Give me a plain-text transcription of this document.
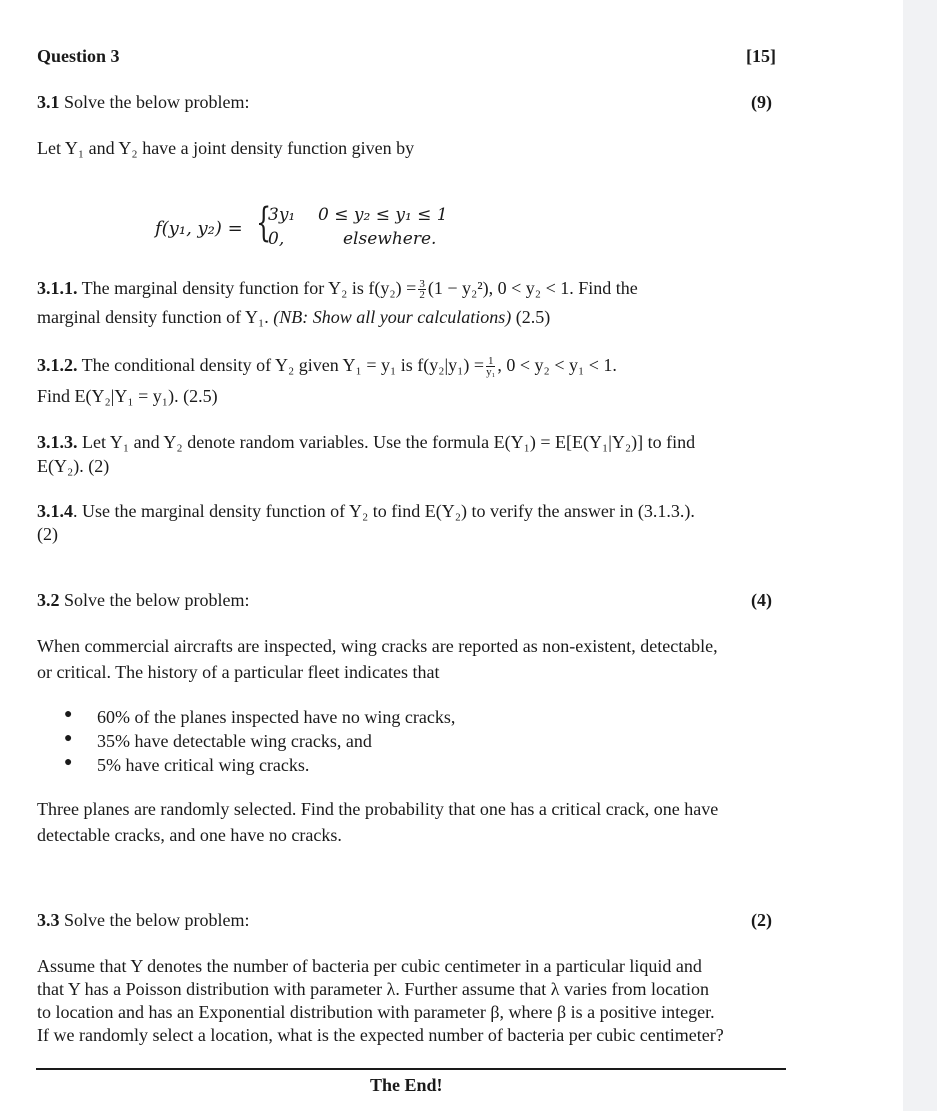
Question 3	[15]
3.1 Solve the below problem:	(9)
Let Y₁ and Y₂ have a joint density function given by
f(y₁, y₂) = {
3y₁ 0 ≤ y₂ ≤ y₁ ≤ 1
0,	elsewhere.
3.1.1. The marginal density function for Y₂ is $f(y_2) = \frac{3}{2} (1 - y_2^2)$, 0 < y₂ < 1. Find the
marginal density function of Y₁. (NB: Show all your calculations) (2.5)
3.1.2. The conditional density of Y₂ given Y₁ = y₁ is $f(y_2|y_1) = \frac{1}{\text{y₁}}$ , 0 < y₂ < y₁ < 1.
Find E(Y₂|Y₁ = y₁). (2.5)
3.1.3. Let Y₁ and Y₂ denote random variables. Use the formula E(Y₁) = E[E(Y₁|Y₂)] to find
E(Y₂). (2)
3.1.4. Use the marginal density function of Y₂ to find E(Y₂) to verify the answer in (3.1.3.).
(2)
3.2 Solve the below problem:	(4)
When commercial aircrafts are inspected, wing cracks are reported as non-existent, detectable,
or critical. The history of a particular fleet indicates that
● 60% of the planes inspected have no wing cracks,
● 35% have detectable wing cracks, and
● 5% have critical wing cracks.
Three planes are randomly selected. Find the probability that one has a critical crack, one have
detectable cracks, and one have no cracks.
3.3 Solve the below problem:	(2)
Assume that Y denotes the number of bacteria per cubic centimeter in a particular liquid and
that Y has a Poisson distribution with parameter λ. Further assume that λ varies from location
to location and has an Exponential distribution with parameter β, where β is a positive integer.
If we randomly select a location, what is the expected number of bacteria per cubic centimeter?
The End!
